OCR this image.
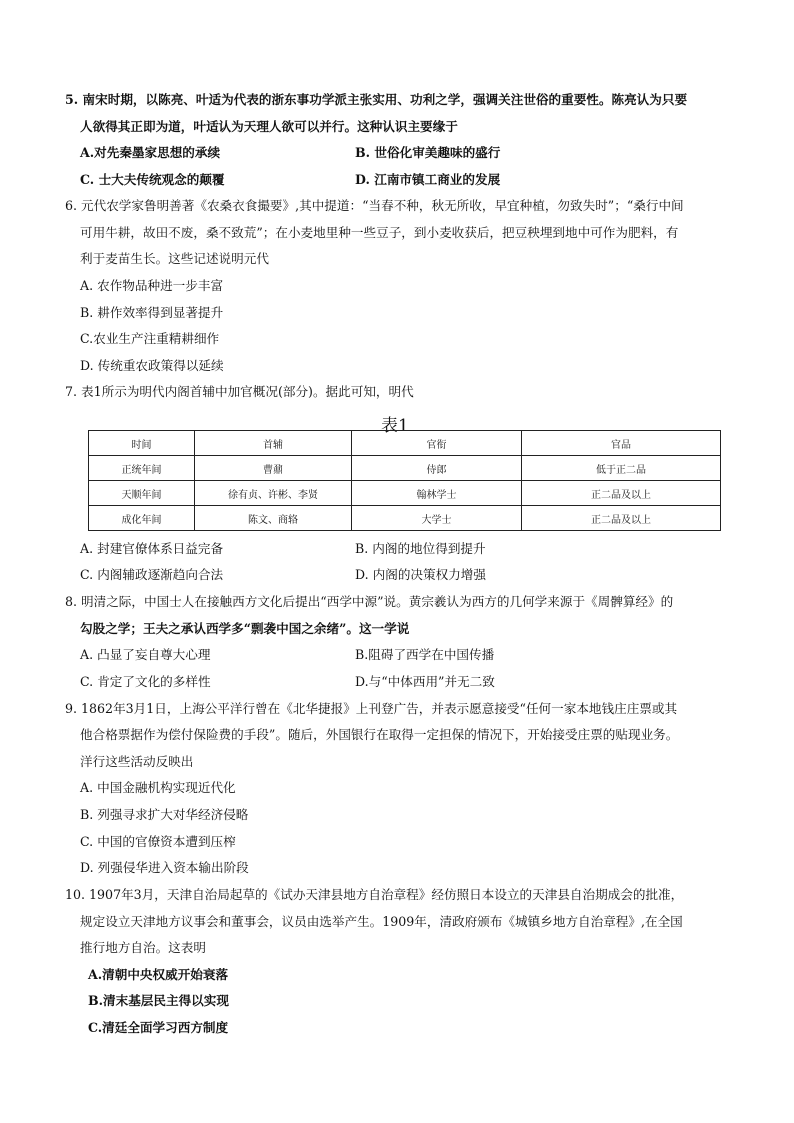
5. 南宋时期，以陈亮、叶适为代表的浙东事功学派主张实用、功利之学，强调关注世俗的重要性。陈亮认为只要
人欲得其正即为道，叶适认为天理人欲可以并行。这种认识主要缘于
A.对先秦墨家思想的承续	B. 世俗化审美趣味的盛行
C. 士大夫传统观念的颠覆	D. 江南市镇工商业的发展
6. 元代农学家鲁明善著《农桑衣食撮要》,其中提道：“当春不种，秋无所收，早宜种植，勿致失时”；“桑行中间
可用牛耕，故田不废，桑不致荒”；在小麦地里种一些豆子，到小麦收获后，把豆秧埋到地中可作为肥料，有
利于麦苗生长。这些记述说明元代
A. 农作物品种进一步丰富
B. 耕作效率得到显著提升
C.农业生产注重精耕细作
D. 传统重农政策得以延续
7. 表1所示为明代内阁首辅中加官概况(部分)。据此可知，明代
表1
时间	首辅	官衔	官品
正统年间	曹鼐	侍郎	低于正二品
天顺年间	徐有贞、许彬、李贤	翰林学士	正二品及以上
成化年间	陈文、商辂	大学士	正二品及以上
A. 封建官僚体系日益完备	B. 内阁的地位得到提升
C. 内阁辅政逐渐趋向合法	D. 内阁的决策权力增强
8. 明清之际，中国士人在接触西方文化后提出“西学中源”说。黄宗羲认为西方的几何学来源于《周髀算经》的
勾股之学；王夫之承认西学多“剽袭中国之余绪”。这一学说
A. 凸显了妄自尊大心理	B.阻碍了西学在中国传播
C. 肯定了文化的多样性	D.与“中体西用”并无二致
9. 1862年3月1日，上海公平洋行曾在《北华捷报》上刊登广告，并表示愿意接受“任何一家本地钱庄庄票或其
他合格票据作为偿付保险费的手段”。随后，外国银行在取得一定担保的情况下，开始接受庄票的贴现业务。
洋行这些活动反映出
A. 中国金融机构实现近代化
B. 列强寻求扩大对华经济侵略
C. 中国的官僚资本遭到压榨
D. 列强侵华进入资本输出阶段
10. 1907年3月，天津自治局起草的《试办天津县地方自治章程》经仿照日本设立的天津县自治期成会的批准，
规定设立天津地方议事会和董事会，议员由选举产生。1909年，清政府颁布《城镇乡地方自治章程》,在全国
推行地方自治。这表明
A.清朝中央权威开始衰落
B.清末基层民主得以实现
C.清廷全面学习西方制度
